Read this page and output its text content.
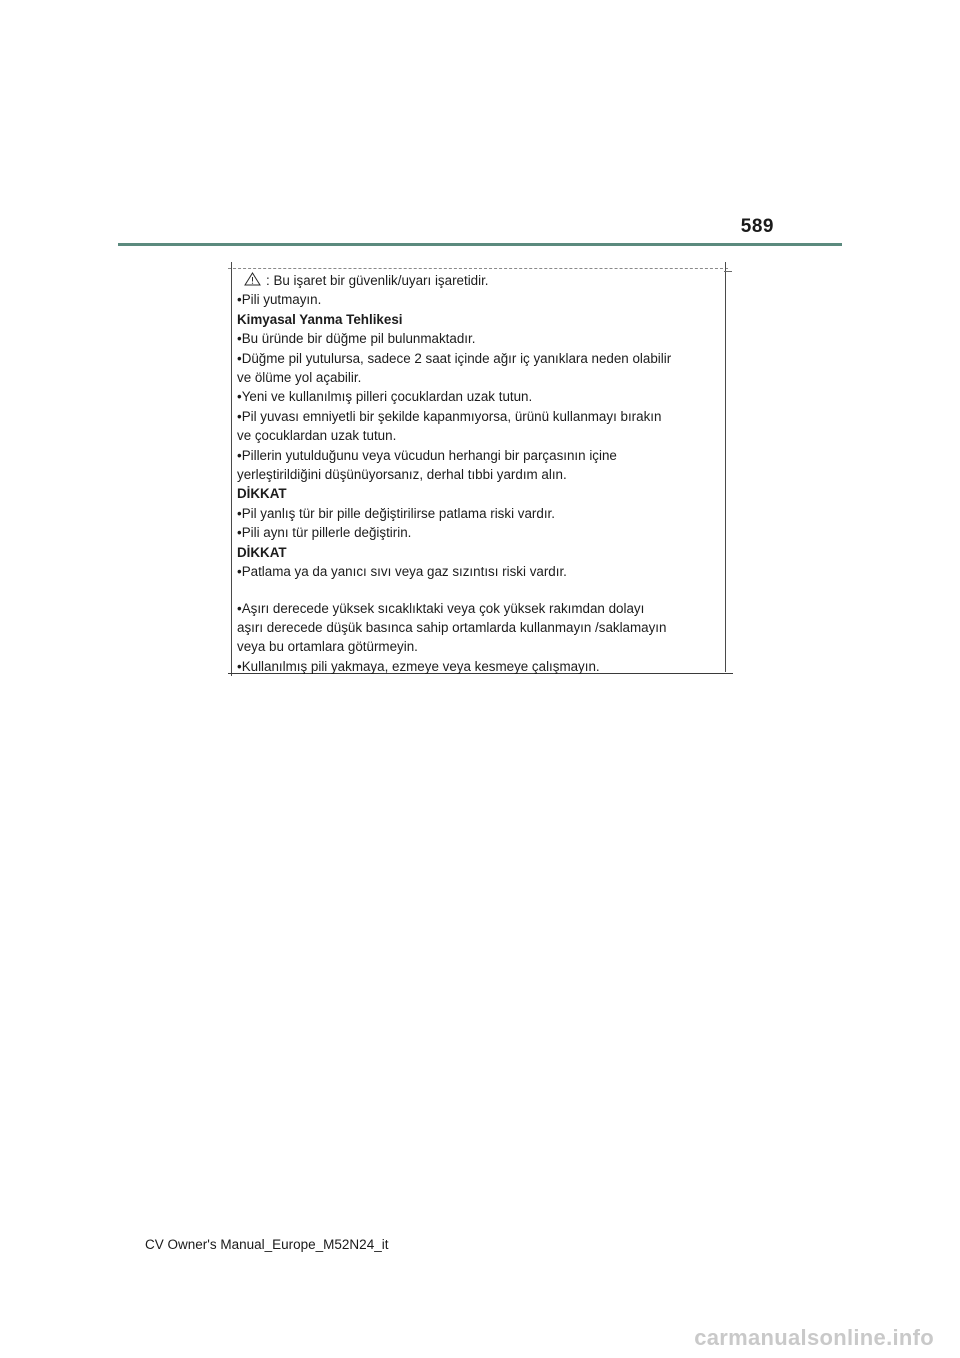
589
: Bu işaret bir güvenlik/uyarı işaretidir.
•Pili yutmayın.
Kimyasal Yanma Tehlikesi
•Bu üründe bir düğme pil bulunmaktadır.
•Düğme pil yutulursa, sadece 2 saat içinde ağır iç yanıklara neden olabilir
ve ölüme yol açabilir.
•Yeni ve kullanılmış pilleri çocuklardan uzak tutun.
•Pil yuvası emniyetli bir şekilde kapanmıyorsa, ürünü kullanmayı bırakın
ve çocuklardan uzak tutun.
•Pillerin yutulduğunu veya vücudun herhangi bir parçasının içine
yerleştirildiğini düşünüyorsanız, derhal tıbbi yardım alın.
DİKKAT
•Pil yanlış tür bir pille değiştirilirse patlama riski vardır.
•Pili aynı tür pillerle değiştirin.
DİKKAT
•Patlama ya da yanıcı sıvı veya gaz sızıntısı riski vardır.
•Aşırı derecede yüksek sıcaklıktaki veya çok yüksek rakımdan dolayı
aşırı derecede düşük basınca sahip ortamlarda kullanmayın /saklamayın
veya bu ortamlara götürmeyin.
•Kullanılmış pili yakmaya, ezmeye veya kesmeye çalışmayın.
CV Owner's Manual_Europe_M52N24_it
carmanualsonline.info
